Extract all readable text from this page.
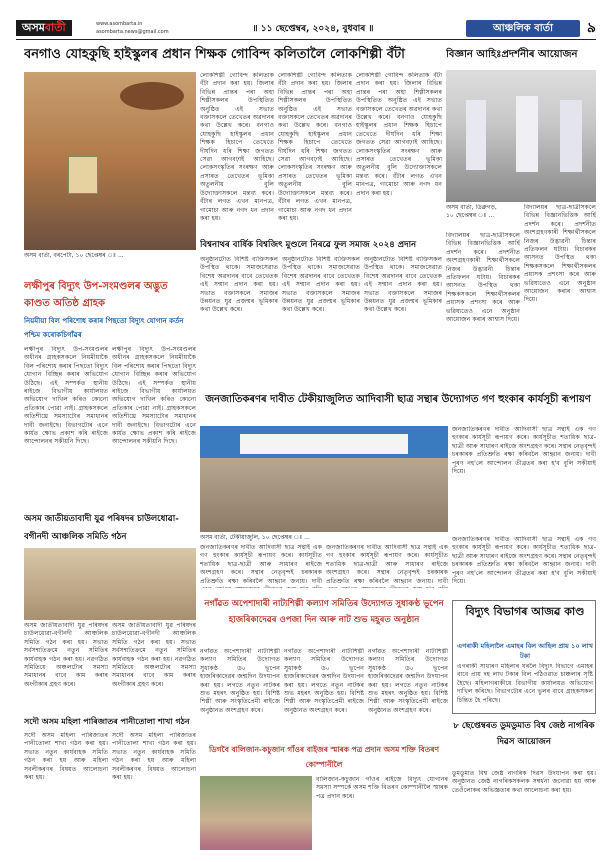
অসমবাতী	www.asombarta.in
asombarta.news@gmail.com	॥ ১১ ছেপ্তেম্বৰ, ২০২৪, বুধবাৰ ॥	আঞ্চলিক বাৰ্তা	৯
বনগাও যোহকুছি হাইস্কুলৰ প্ৰধান শিক্ষক গোবিন্দ কলিতালৈ লোকশিল্পী বঁটা
অসম বাৰ্তা, বৰপেটা, ১০ ছেপ্তেম্বৰ ঃ ...
লোকশিল্পী গোবিন্দ কলিতাক বঁটা প্ৰদান কৰা হয়। জিলাৰ বিভিন্ন প্ৰান্তৰ পৰা অহা শিল্পীসকলৰ উপস্থিতিত অনুষ্ঠিত এই সভাত বক্তাসকলে তেখেতৰ অৱদানৰ কথা উল্লেখ কৰে। বনগাও যোহকুছি হাইস্কুলৰ প্ৰধান শিক্ষক হিচাপে তেখেতে দীৰ্ঘদিন ধৰি শিক্ষা জগতত সেৱা আগবঢ়াই আহিছে। লোকসংস্কৃতিৰ সংৰক্ষণ আৰু প্ৰসাৰত তেখেতৰ ভূমিকা অতুলনীয় বুলি উদ্যোক্তাসকলে মন্তব্য কৰে। বঁটাৰ লগত এখন মানপত্ৰ, গামোচা আৰু নগদ ধন প্ৰদান কৰা হয়।
লোকশিল্পী গোবিন্দ কলিতাক বঁটা প্ৰদান কৰা হয়। জিলাৰ বিভিন্ন প্ৰান্তৰ পৰা অহা শিল্পীসকলৰ উপস্থিতিত অনুষ্ঠিত এই সভাত বক্তাসকলে তেখেতৰ অৱদানৰ কথা উল্লেখ কৰে। বনগাও যোহকুছি হাইস্কুলৰ প্ৰধান শিক্ষক হিচাপে তেখেতে দীৰ্ঘদিন ধৰি শিক্ষা জগতত সেৱা আগবঢ়াই আহিছে। লোকসংস্কৃতিৰ সংৰক্ষণ আৰু প্ৰসাৰত তেখেতৰ ভূমিকা অতুলনীয় বুলি উদ্যোক্তাসকলে মন্তব্য কৰে। বঁটাৰ লগত এখন মানপত্ৰ, গামোচা আৰু নগদ ধন প্ৰদান কৰা হয়।
লোকশিল্পী গোবিন্দ কলিতাক বঁটা প্ৰদান কৰা হয়। জিলাৰ বিভিন্ন প্ৰান্তৰ পৰা অহা শিল্পীসকলৰ উপস্থিতিত অনুষ্ঠিত এই সভাত বক্তাসকলে তেখেতৰ অৱদানৰ কথা উল্লেখ কৰে। বনগাও যোহকুছি হাইস্কুলৰ প্ৰধান শিক্ষক হিচাপে তেখেতে দীৰ্ঘদিন ধৰি শিক্ষা জগতত সেৱা আগবঢ়াই আহিছে। লোকসংস্কৃতিৰ সংৰক্ষণ আৰু প্ৰসাৰত তেখেতৰ ভূমিকা অতুলনীয় বুলি উদ্যোক্তাসকলে মন্তব্য কৰে। বঁটাৰ লগত এখন মানপত্ৰ, গামোচা আৰু নগদ ধন প্ৰদান কৰা হয়।
বিজ্ঞান আহিঃপ্ৰদৰ্শনীৰ আয়োজন
অসম বাৰ্তা, ডিব্ৰুগড়, ১০ ছেপ্তেম্বৰ ঃ ...
বিদ্যালয়ৰ ছাত্ৰ-ছাত্ৰীসকলে বিভিন্ন বিজ্ঞানভিত্তিক আৰ্হি প্ৰদৰ্শন কৰে। প্ৰদৰ্শনীত অংশগ্ৰহণকাৰী শিক্ষাৰ্থীসকলে নিজৰ উদ্ভাৱনী চিন্তাৰ প্ৰতিফলন ঘটায়। বিচাৰকৰ আসনত উপস্থিত থকা শিক্ষকসকলে শিক্ষাৰ্থীসকলৰ প্ৰয়াসক প্ৰশংসা কৰে আৰু ভৱিষ্যতেও এনে অনুষ্ঠান আয়োজন কৰাৰ আশ্বাস দিয়ে।
বিদ্যালয়ৰ ছাত্ৰ-ছাত্ৰীসকলে বিভিন্ন বিজ্ঞানভিত্তিক আৰ্হি প্ৰদৰ্শন কৰে। প্ৰদৰ্শনীত অংশগ্ৰহণকাৰী শিক্ষাৰ্থীসকলে নিজৰ উদ্ভাৱনী চিন্তাৰ প্ৰতিফলন ঘটায়। বিচাৰকৰ আসনত উপস্থিত থকা শিক্ষকসকলে শিক্ষাৰ্থীসকলৰ প্ৰয়াসক প্ৰশংসা কৰে আৰু ভৱিষ্যতেও এনে অনুষ্ঠান আয়োজন কৰাৰ আশ্বাস দিয়ে।
বিশ্বনাথৰ বাৰ্ষিক বিশ্বজিৎ মুণ্ডলে নিৰৱে ফুল সমাজ ২০২৪ প্ৰদান
অনুষ্ঠানটোত বিশিষ্ট ব্যক্তিসকল উপস্থিত থাকে। সমাজসেৱাত বিশেষ অৱদানৰ বাবে তেখেতক এই সন্মান প্ৰদান কৰা হয়। সভাত বক্তাসকলে সমাজৰ উন্নয়নত যুৱ প্ৰজন্মৰ ভূমিকাৰ কথা উল্লেখ কৰে।
অনুষ্ঠানটোত বিশিষ্ট ব্যক্তিসকল উপস্থিত থাকে। সমাজসেৱাত বিশেষ অৱদানৰ বাবে তেখেতক এই সন্মান প্ৰদান কৰা হয়। সভাত বক্তাসকলে সমাজৰ উন্নয়নত যুৱ প্ৰজন্মৰ ভূমিকাৰ কথা উল্লেখ কৰে।
অনুষ্ঠানটোত বিশিষ্ট ব্যক্তিসকল উপস্থিত থাকে। সমাজসেৱাত বিশেষ অৱদানৰ বাবে তেখেতক এই সন্মান প্ৰদান কৰা হয়। সভাত বক্তাসকলে সমাজৰ উন্নয়নত যুৱ প্ৰজন্মৰ ভূমিকাৰ কথা উল্লেখ কৰে।
লক্ষীপুৰ বিদ্যুৎ উপ-সংমণ্ডলৰ অদ্ভুত কাণ্ডত অতিষ্ঠ গ্ৰাহক
নিয়মীয়া বিল পৰিশোধ কৰাৰ পিছতো বিদ্যুৎ যোগান কৰ্তন পশ্চিম কৰোকচিগাঁৱৰ
লক্ষীপুৰ বিদ্যুৎ উপ-সংমণ্ডলৰ অধীনৰ গ্ৰাহকসকলে নিয়মীয়াকৈ বিল পৰিশোধ কৰাৰ পিছতো বিদ্যুৎ যোগান বিচ্ছিন্ন কৰাৰ অভিযোগ উঠিছে। এই সম্পৰ্কত স্থানীয় ৰাইজে বিভাগীয় কাৰ্যালয়ত অভিযোগ দাখিল কৰিও কোনো প্ৰতিকাৰ পোৱা নাই। গ্ৰাহকসকলে অতিশীঘ্ৰে সমস্যাটোৰ সমাধানৰ দাবী জনাইছে। বিভাগটোৰ এনে কাৰ্যত ক্ষোভ প্ৰকাশ কৰি ৰাইজে আন্দোলনৰ সকীয়নি দিছে।
লক্ষীপুৰ বিদ্যুৎ উপ-সংমণ্ডলৰ অধীনৰ গ্ৰাহকসকলে নিয়মীয়াকৈ বিল পৰিশোধ কৰাৰ পিছতো বিদ্যুৎ যোগান বিচ্ছিন্ন কৰাৰ অভিযোগ উঠিছে। এই সম্পৰ্কত স্থানীয় ৰাইজে বিভাগীয় কাৰ্যালয়ত অভিযোগ দাখিল কৰিও কোনো প্ৰতিকাৰ পোৱা নাই। গ্ৰাহকসকলে অতিশীঘ্ৰে সমস্যাটোৰ সমাধানৰ দাবী জনাইছে। বিভাগটোৰ এনে কাৰ্যত ক্ষোভ প্ৰকাশ কৰি ৰাইজে আন্দোলনৰ সকীয়নি দিছে।
জনজাতিকৰণৰ দাবীত টেকীয়াজুলিত আদিবাসী ছাত্ৰ সন্থাৰ উদ্যোগত গণ হুংকাৰ কাৰ্যসূচী ৰূপায়ণ
জনজাতিকৰণৰ দাবীত আদিবাসী ছাত্ৰ সন্থাই এক গণ হুংকাৰ কাৰ্যসূচী ৰূপায়ণ কৰে। কাৰ্যসূচীত শতাধিক ছাত্ৰ-ছাত্ৰী আৰু সাধাৰণ ৰাইজে অংশগ্ৰহণ কৰে। সন্থাৰ নেতৃবৃন্দই চৰকাৰক প্ৰতিশ্ৰুতি ৰক্ষা কৰিবলৈ আহ্বান জনায়। দাবী পূৰণ নহ'লে আন্দোলন তীব্ৰতৰ কৰা হ'ব বুলি সকীয়াই দিয়ে।
অসম বাৰ্তা, টেকীয়াজুলি, ১০ ছেপ্তেম্বৰ ঃ ...
জনজাতিকৰণৰ দাবীত আদিবাসী ছাত্ৰ সন্থাই এক গণ হুংকাৰ কাৰ্যসূচী ৰূপায়ণ কৰে। কাৰ্যসূচীত শতাধিক ছাত্ৰ-ছাত্ৰী আৰু সাধাৰণ ৰাইজে অংশগ্ৰহণ কৰে। সন্থাৰ নেতৃবৃন্দই চৰকাৰক প্ৰতিশ্ৰুতি ৰক্ষা কৰিবলৈ আহ্বান জনায়। দাবী
জনজাতিকৰণৰ দাবীত আদিবাসী ছাত্ৰ সন্থাই এক গণ হুংকাৰ কাৰ্যসূচী ৰূপায়ণ কৰে। কাৰ্যসূচীত শতাধিক ছাত্ৰ-ছাত্ৰী আৰু সাধাৰণ ৰাইজে অংশগ্ৰহণ কৰে। সন্থাৰ নেতৃবৃন্দই চৰকাৰক প্ৰতিশ্ৰুতি ৰক্ষা কৰিবলৈ আহ্বান জনায়। দাবী
জনজাতিকৰণৰ দাবীত আদিবাসী ছাত্ৰ সন্থাই এক গণ হুংকাৰ কাৰ্যসূচী ৰূপায়ণ কৰে। কাৰ্যসূচীত শতাধিক ছাত্ৰ-ছাত্ৰী আৰু সাধাৰণ ৰাইজে অংশগ্ৰহণ কৰে। সন্থাৰ নেতৃবৃন্দই চৰকাৰক প্ৰতিশ্ৰুতি ৰক্ষা কৰিবলৈ আহ্বান জনায়। দাবী পূৰণ নহ'লে আন্দোলন তীব্ৰতৰ কৰা হ'ব বুলি সকীয়াই দিয়ে।
অসম জাতীয়তাবাদী যুৱ পৰিষদৰ চাউলধোৱা-বগীনদী আঞ্চলিক সমিতি গঠন
অসম জাতীয়তাবাদী যুৱ পৰিষদৰ চাউলধোৱা-বগীনদী আঞ্চলিক সমিতি গঠন কৰা হয়। সভাত সৰ্বসন্মতিক্ৰমে নতুন সমিতিৰ কাৰ্যবাহক গঠন কৰা হয়। নৱগঠিত সমিতিয়ে অঞ্চলটোৰ সমস্যা সমাধানৰ বাবে কাম কৰাৰ অংগীকাৰ গ্ৰহণ কৰে।
অসম জাতীয়তাবাদী যুৱ পৰিষদৰ চাউলধোৱা-বগীনদী আঞ্চলিক সমিতি গঠন কৰা হয়। সভাত সৰ্বসন্মতিক্ৰমে নতুন সমিতিৰ কাৰ্যবাহক গঠন কৰা হয়। নৱগঠিত সমিতিয়ে অঞ্চলটোৰ সমস্যা সমাধানৰ বাবে কাম কৰাৰ অংগীকাৰ গ্ৰহণ কৰে।
নগাঁৱত অপেশাদাৰী নাট্যশিল্পী কল্যাণ সমিতিৰ উদ্যোগত সুধাকণ্ঠ ভূপেন হাজৰিকাদেৱৰ ওপজা দিন আৰু নাট শুভ মহূৰত অনুষ্ঠান
নগাঁৱত অপেশাদাৰী নাট্যশিল্পী কল্যাণ সমিতিৰ উদ্যোগত সুধাকণ্ঠ ড০ ভূপেন হাজৰিকাদেৱৰ জন্মদিন উদযাপন কৰা হয়। লগতে নতুন নাটকৰ শুভ মহৰৎ অনুষ্ঠিত হয়। বিশিষ্ট শিল্পী আৰু সংস্কৃতিপ্ৰেমী ৰাইজে অনুষ্ঠানত অংশগ্ৰহণ কৰে।
নগাঁৱত অপেশাদাৰী নাট্যশিল্পী কল্যাণ সমিতিৰ উদ্যোগত সুধাকণ্ঠ ড০ ভূপেন হাজৰিকাদেৱৰ জন্মদিন উদযাপন কৰা হয়। লগতে নতুন নাটকৰ শুভ মহৰৎ অনুষ্ঠিত হয়। বিশিষ্ট শিল্পী আৰু সংস্কৃতিপ্ৰেমী ৰাইজে অনুষ্ঠানত অংশগ্ৰহণ কৰে।
নগাঁৱত অপেশাদাৰী নাট্যশিল্পী কল্যাণ সমিতিৰ উদ্যোগত সুধাকণ্ঠ ড০ ভূপেন হাজৰিকাদেৱৰ জন্মদিন উদযাপন কৰা হয়। লগতে নতুন নাটকৰ শুভ মহৰৎ অনুষ্ঠিত হয়। বিশিষ্ট শিল্পী আৰু সংস্কৃতিপ্ৰেমী ৰাইজে অনুষ্ঠানত অংশগ্ৰহণ কৰে।
বিদ্যুৎ বিভাগৰ আজৱ কাণ্ড
এগৰাকী মহিলালৈ এমাহৰ বিল আহিল প্ৰায় ১০ লাখ টকা
এগৰাকী সাধাৰণ মহিলাৰ ঘৰলৈ বিদ্যুৎ বিভাগে এমাহৰ বাবে প্ৰায় দহ লাখ টকাৰ বিল পঠিওৱাত চাঞ্চল্যৰ সৃষ্টি হৈছে। মহিলাগৰাকীয়ে বিভাগীয় কাৰ্যালয়ত অভিযোগ দাখিল কৰিছে। বিভাগটোৰ এনে ভুলৰ বাবে গ্ৰাহকসকল চিন্তিত হৈ পৰিছে।
সদৌ অসম মহিলা পাৰিজাতৰ পানীতোলা শাখা গঠন
সদৌ অসম মহিলা পাৰিজাতৰ পানীতোলা শাখা গঠন কৰা হয়। সভাত নতুন কাৰ্যবাহক সমিতি গঠন কৰা হয় আৰু মহিলা সবলীকৰণৰ বিষয়ত আলোচনা কৰা হয়।
সদৌ অসম মহিলা পাৰিজাতৰ পানীতোলা শাখা গঠন কৰা হয়। সভাত নতুন কাৰ্যবাহক সমিতি গঠন কৰা হয় আৰু মহিলা সবলীকৰণৰ বিষয়ত আলোচনা কৰা হয়।
ডিগবৈ বালিজান-কচুজান গাঁওৰ বাইজৰ স্মাৰক পত্ৰ প্ৰদান অসম শক্তি বিতৰণ কোম্পানীলৈ
বালিজান-কচুজান গাঁওৰ ৰাইজে বিদ্যুৎ যোগানৰ সমস্যা সম্পৰ্কে অসম শক্তি বিতৰণ কোম্পানীলৈ স্মাৰক পত্ৰ প্ৰদান কৰে।
৮ ছেপ্তেম্বৰত ডুমডুমাত বিশ্ব জেষ্ঠ নাগৰিক দিৱস আয়োজন
ডুমডুমাত বিশ্ব জেষ্ঠ নাগৰিক দিৱস উদযাপন কৰা হয়। অনুষ্ঠানত জেষ্ঠ নাগৰিকসকলক সম্বৰ্ধনা জনোৱা হয় আৰু তেওঁলোকৰ অভিজ্ঞতাৰ কথা আলোচনা কৰা হয়।
